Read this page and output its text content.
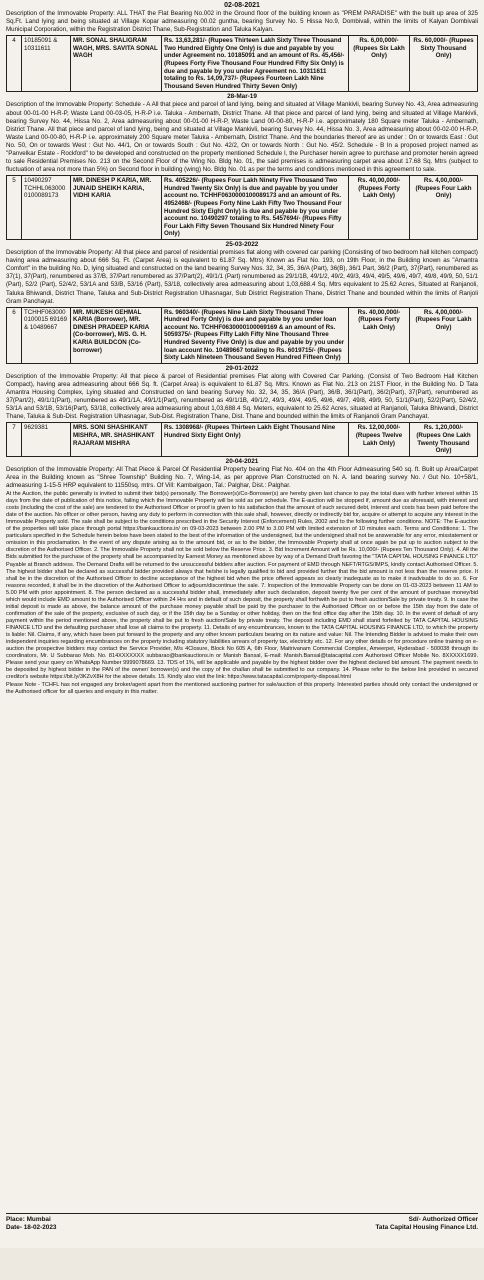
02-08-2021
Description of the Immovable Property: ALL THAT the Flat Bearing No.002 in the Ground floor of the building known as "PREM PARADISE" with the built up area of 325 Sq.Ft. Land lying and being situated at Village Kopar admeasuring 00.02 guntha, bearing Survey No. 5 Hissa No.9, Dombivali, within the limits of Kalyan Dombivali Municipal Corporation, within the Registration District Thane, Sub-Registration and Taluka Kalyan.
4	10185091 & 10311611	MR. SONAL SHALIGRAM WAGH, MRS. SAVITA SONAL WAGH	Rs. 13,63,281/- (Rupees Thirteen Lakh Sixty Three Thousand Two Hundred Eighty One Only) is due and payable by you under Agreement no. 10185091 and an amount of Rs. 45,456/- (Rupees Forty Five Thousand Four Hundred Fifty Six Only) is due and payable by you under Agreement no. 10311611 totaling to Rs. 14,09,737/- (Rupees Fourteen Lakh Nine Thousand Seven Hundred Thirty Seven Only)	Rs. 6,00,000/- (Rupees Six Lakh Only)	Rs. 60,000/- (Rupees Sixty Thousand Only)
28-Mar-19
Description of the Immovable Property: Schedule - A All that piece and parcel of land lying, being and situated at Village Mankivli, bearing Survey No. 43, Area admeasuring about 00-01-00 H-R-P, Waste Land 00-03-05, H-R-P i.e. Taluka - Ambernath, District Thane. All that piece and parcel of land lying, being and situated at Village Mankivli, bearing Survey No. 44, Hissa No. 2, Area admeasuring about 00-01-00 H-R-P, Waste Land 00-00-80, H-R-P i.e. approximately 180 Square meter Taluka - Ambernath, District Thane. All that piece and parcel of land lying, being and situated at Village Mankivli, bearing Survey No. 44, Hissa No. 3, Area admeasuring about 00-02-00 H-R-P, Waste Land 00-00-80, H-R-P i.e. approximately 200 Square meter Taluka - Ambernath, District Thane. And the boundaries thereof are as under : On or towards East : Gut No. 50, On or towards West : Gut No. 44/1, On or towards South : Gut No. 42/2, On or towards North : Gut No. 45/2. Schedule - B In a proposed project named as "Panvelkar Estate - Rockford" to be developed and constructed on the property mentioned Schedule I, the Purchaser herein agree to purchase and promoter herein agreed to sale Residential Premises No. 213 on the Second Floor of the Wing No. Bldg No. 01, the said premises is admeasuring carpet area about 17.68 Sq. Mtrs (subject to fluctuation of area not more than 5%) on Second floor in building (wing) No. Bldg No. 01 as per the terms and conditions mentioned in this agreement to sale.
5	10490297 TCHHL0630000100089173	MR. DINESH P KARIA, MR. JUNAID SHEIKH KARIA, VIDHI KARIA	Rs. 405226/- (Rupees Four Lakh Ninety Five Thousand Two Hundred Twenty Six Only) is due and payable by you under account no. TCHHF0630000100089173 and an amount of Rs. 4952468/- (Rupees Forty Nine Lakh Fifty Two Thousand Four Hundred Sixty Eight Only) is due and payable by you under account no. 10490297 totaling to Rs. 5457694/- (Rupees Fifty Four Lakh Fifty Seven Thousand Six Hundred Ninety Four Only)	Rs. 40,00,000/- (Rupees Forty Lakh Only)	Rs. 4,00,000/- (Rupees Four Lakh Only)
25-03-2022
Description of the Immovable Property: All that piece and parcel of residential premises flat along with covered car parking (Consisting of two bedroom hall kitchen compact) having area admeasuring about 666 Sq. Ft. (Carpet Area) is equivalent to 61.87 Sq. Mtrs) Known as Flat No. 193, on 19th Floor, in the Building known as "Amantra Comfort" in the building No. D, lying situated and constructed on the land bearing Survey Nos. 32, 34, 35, 36/A (Part), 36(B), 36/1 Part, 36/2 (Part), 37(Part), renumbered as 37(1), 37(Part), renumbered as 37/B, 37/Part renumbered as 37/Part(2), 49/1/1 (Part) renumbered as 29/1/1B, 49/1/2, 49/2, 49/3, 49/4, 49/5, 49/6, 49/7, 49/8, 49/9, 50, 51/1 (Part), 52/2 (Part), 52/4/2, 53/1A and 53/B, 53/16 (Part), 53/18, collectively area admeasuring about 1,03,688.4 Sq. Mtrs equivalent to 25.62 Acres, Situated at Ranjanoli, Taluka Bhiwandi, District Thane, Taluka and Sub-District Registration Ulhasnagar, Sub District Registration Thane, District Thane and bounded within the limits of Ranjoli Gram Panchayat.
6	TCHHF0630000100015 69169 & 10489667	MR. MUKESH GEHMAL KARIA (Borrower), MR. DINESH PRADEEP KARIA (Co-borrower), M/S. G. H. KARIA BUILDCON (Co-borrower)	Rs. 960340/- (Rupees Nine Lakh Sixty Thousand Three Hundred Forty Only) is due and payable by you under loan account No. TCHHF0630000100069169 & an amount of Rs. 5059375/- (Rupees Fifty Lakh Fifty Nine Thousand Three Hundred Seventy Five Only) is due and payable by you under loan account No. 10489667 totaling to Rs. 6019715/- (Rupees Sixty Lakh Nineteen Thousand Seven Hundred Fifteen Only)	Rs. 40,00,000/- (Rupees Forty Lakh Only)	Rs. 4,00,000/- (Rupees Four Lakh Only)
29-01-2022
Description of the Immovable Property: All that piece & parcel of Residential premises Flat along with Covered Car Parking. (Consist of Two Bedroom Hall Kitchen Compact), having area admeasuring about 666 Sq. ft. (Carpet Area) is equivalent to 61.87 Sq. Mtrs. Known as Flat No. 213 on 21ST Floor, in the Building No. D Tata Amantra Housing Complex, Lying situated and Constructed on land bearing Survey No. 32, 34, 35, 36/A (Part), 36/B, 36/1(Part), 36/2(Part), 37(Part), renumbered as 37(Part/2), 49/1/1(Part), renumbered as 49/1/1A, 49/1/1(Part), renumbered as 49/1/1B, 49/1/2, 49/3, 49/4, 49/5, 49/6, 49/7, 49/8, 49/9, 50, 51/1(Part), 52/2(Part), 52/4/2, 53/1A and 53/1B, 53/16(Part), 53/18, collectively area admeasuring about 1,03,688.4 Sq. Meters, equivalent to 25.62 Acres, situated at Ranjanoli, Taluka Bhiwandi, District Thane, Taluka & Sub-Dist. Registration Ulhasnagar, Sub-Dist. Registration Thane, Dist. Thane and bounded within the limits of Ranjanoli Gram Panchayat.
7	9629381	MRS. SONI SHASHIKANT MISHRA, MR. SHASHIKANT RAJARAM MISHRA	Rs. 1308968/- (Rupees Thirteen Lakh Eight Thousand Nine Hundred Sixty Eight Only)	Rs. 12,00,000/- (Rupees Twelve Lakh Only)	Rs. 1,20,000/- (Rupees One Lakh Twenty Thousand Only)
20-04-2021
Description of the Immovable Property: All That Piece & Parcel Of Residential Property bearing Flat No. 404 on the 4th Floor Admeasuring 540 sq. ft. Built up Area/Carpet Area in the Building known as "Shree Township" Building No. 7, Wing-14, as per approve Plan Constructed on N. A. land bearing survey No. / Gut No. 10+58/1, admeasuring 1-15-5 HRP equivalent to 11550sq. mtrs. Of Vill: Kambalgaon, Tal.: Palghar, Dist.: Palghar.
At the Auction, the public generally is invited to submit their bid(s) personally. The Borrower(s)/Co-Borrower(s) are hereby given last chance to pay the total dues with further interest within 15 days from the date of publication of this notice, failing which the Immovable Property will be sold as per schedule. The E-auction will be stopped if, amount due as aforesaid, with interest and costs (including the cost of the sale) are tendered to the Authorised Officer or proof is given to his satisfaction that the amount of such secured debt, interest and costs has been paid before the date of the auction. No officer or other person, having any duty to perform in connection with this sale shall, however, directly or indirectly bid for, acquire or attempt to acquire any interest in the Immovable Property sold. The sale shall be subject to the conditions prescribed in the Security Interest (Enforcement) Rules, 2002 and to the following further conditions. NOTE: The E-auction of the properties will take place through portal https://bankauctions.in/ on 09-03-2023 between 2.00 PM to 3.00 PM with limited extension of 10 minutes each. Terms and Conditions: 1. The particulars specified in the Schedule herein below have been stated to the best of the information of the undersigned, but the undersigned shall not be answerable for any error, misstatement or omission in this proclamation. In the event of any dispute arising as to the amount bid, or as to the bidder, the Immovable Property shall at once again be put up to auction subject to the discretion of the Authorised Officer. 2. The Immovable Property shall not be sold below the Reserve Price. 3. Bid Increment Amount will be Rs. 10,000/- (Rupees Ten Thousand Only). 4. All the Bids submitted for the purchase of the property shall be accompanied by Earnest Money as mentioned above by way of a Demand Draft favoring the "TATA CAPITAL HOUSING FINANCE LTD" Payable at Branch address. The Demand Drafts will be returned to the unsuccessful bidders after auction. For payment of EMD through NEFT/RTGS/IMPS, kindly contact Authorised Officer. 5. The highest bidder shall be declared as successful bidder provided always that he/she is legally qualified to bid and provided further that the bid amount is not less than the reserve price. It shall be in the discretion of the Authorised Officer to decline acceptance of the highest bid when the price offered appears so clearly inadequate as to make it inadvisable to do so. 6. For reasons recorded, it shall be in the discretion of the Authorised Officer to adjourn/discontinue the sale. 7. Inspection of the Immovable Property can be done on 01-03-2023 between 11 AM to 5.00 PM with prior appointment. 8. The person declared as a successful bidder shall, immediately after such declaration, deposit twenty five per cent of the amount of purchase money/bid which would include EMD amount to the Authorised Officer within 24 Hrs and in default of such deposit, the property shall forthwith be put to fresh auction/Sale by private treaty. 9. In case the initial deposit is made as above, the balance amount of the purchase money payable shall be paid by the purchaser to the Authorised Officer on or before the 15th day from the date of confirmation of the sale of the property, exclusive of such day, or if the 15th day be a Sunday or other holiday, then on the first office day after the 15th day. 10. In the event of default of any payment within the period mentioned above, the property shall be put to fresh auction/Sale by private treaty. The deposit including EMD shall stand forfeited by TATA CAPITAL HOUSING FINANCE LTD and the defaulting purchaser shall lose all claims to the property. 11. Details of any encumbrances, known to the TATA CAPITAL HOUSING FINANCE LTD, to which the property is liable: Nil. Claims, if any, which have been put forward to the property and any other known particulars bearing on its nature and value: Nil. The Intending Bidder is advised to make their own independent inquiries regarding encumbrances on the property including statutory liabilities arrears of property tax, electricity etc. 12. For any other details or for procedure online training on e-auction the prospective bidders may contact the Service Provider, M/s 4Closure, Block No 605 A, 6th Floor, Maitrivanam Commercial Complex, Ameerpet, Hyderabad - 500038 through its coordinators, Mr. U Subbarao Mob. No. 814XXXXXXX subbarao@bankauctions.in or Manish Bansal, E-mail: Manish.Bansal@tatacapital.com Authorised Officer Mobile No. 8XXXXX1699. Please send your query on WhatsApp Number 9999078669. 13. TDS of 1%, will be applicable and payable by the highest bidder over the highest declared bid amount. The payment needs to be deposited by highest bidder in the PAN of the owner/ borrower(s) and the copy of the challan shall be submitted to our company. 14. Please refer to the below link provided in secured creditor's website https://bit.ly/3KZvX8H for the above details. 15. Kindly also visit the link: https://www.tatacapital.com/property-disposal.html
Please Note - TCHFL has not engaged any broker/agent apart from the mentioned auctioning partner for sale/auction of this property. Interested parties should only contact the undersigned or the Authorised officer for all queries and enquiry in this matter.
Place: Mumbai
Date- 18-02-2023
Sd/- Authorized Officer
Tata Capital Housing Finance Ltd.
